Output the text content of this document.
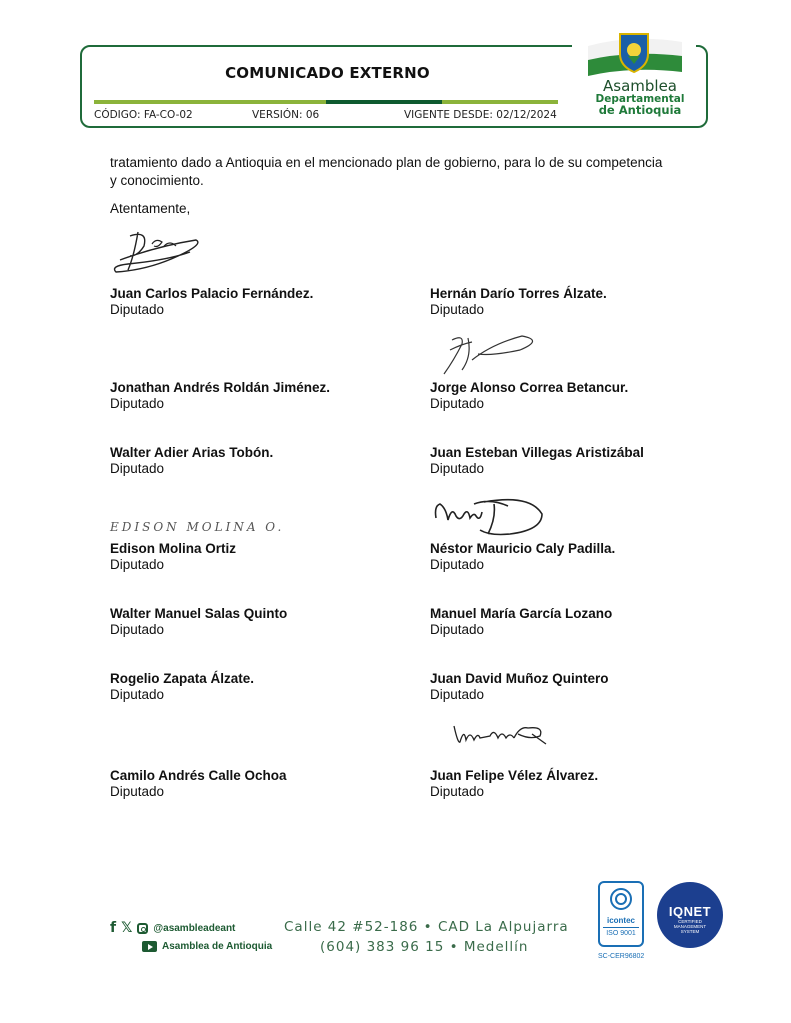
COMUNICADO EXTERNO
CÓDIGO: FA-CO-02	VERSIÓN: 06	VIGENTE DESDE: 02/12/2024
Asamblea
Departamental
de Antioquia
tratamiento dado a Antioquia en el mencionado plan de gobierno, para lo de su competencia
y conocimiento.
Atentamente,
EDISON MOLINA O.
Juan Carlos Palacio Fernández.
Diputado
Jonathan Andrés Roldán Jiménez.
Diputado
Walter Adier Arias Tobón.
Diputado
Edison Molina Ortiz
Diputado
Walter Manuel Salas Quinto
Diputado
Rogelio Zapata Álzate.
Diputado
Camilo Andrés Calle Ochoa
Diputado
Hernán Darío Torres Álzate.
Diputado
Jorge Alonso Correa Betancur.
Diputado
Juan Esteban Villegas Aristizábal
Diputado
Néstor Mauricio Caly Padilla.
Diputado
Manuel María García Lozano
Diputado
Juan David Muñoz Quintero
Diputado
Juan Felipe Vélez Álvarez.
Diputado
f 𝕏 @asambleadeant
Asamblea de Antioquia
Calle 42 #52-186 • CAD La Alpujarra
(604) 383 96 15 • Medellín
icontec
ISO 9001
SC-CER96802
IQNET
CERTIFIED
MANAGEMENT
SYSTEM
